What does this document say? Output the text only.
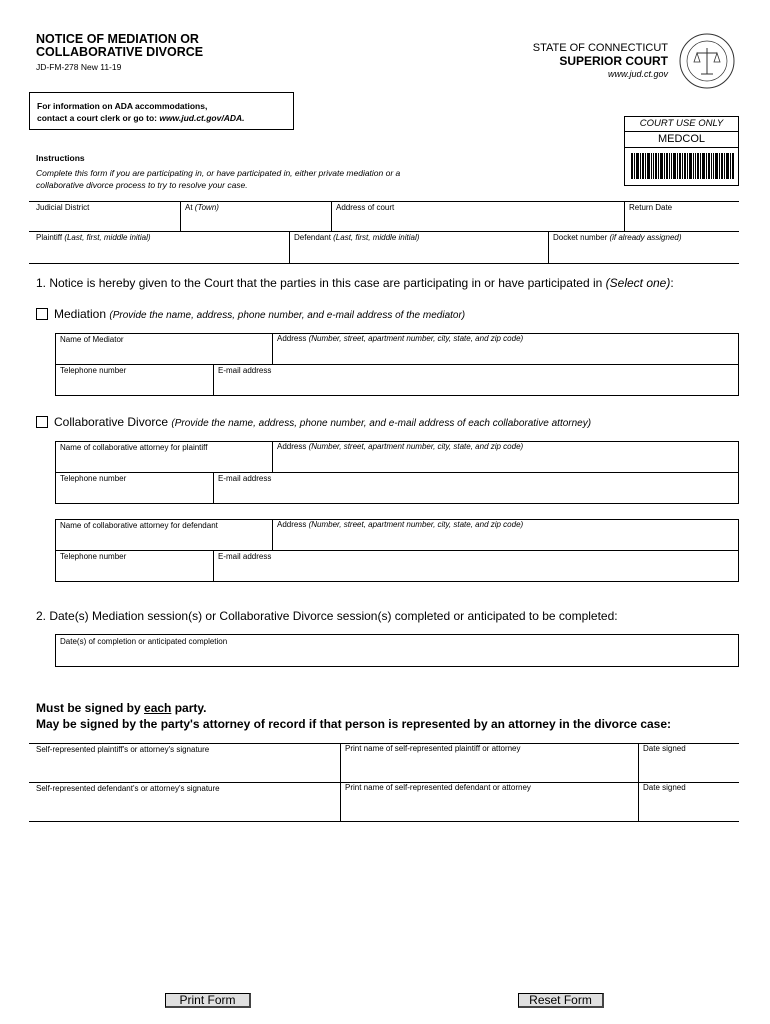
NOTICE OF MEDIATION OR
COLLABORATIVE DIVORCE
JD-FM-278 New 11-19
STATE OF CONNECTICUT
SUPERIOR COURT
www.jud.ct.gov
For information on ADA accommodations,
contact a court clerk or go to: www.jud.ct.gov/ADA.	COURT USE ONLY
MEDCOL
Instructions
Complete this form if you are participating in, or have participated in, either private mediation or a collaborative divorce process to try to resolve your case.
Judicial District	At (Town)	Address of court	Return Date
Plaintiff (Last, first, middle initial)	Defendant (Last, first, middle initial)	Docket number (if already assigned)
1. Notice is hereby given to the Court that the parties in this case are participating in or have participated in (Select one):
Mediation (Provide the name, address, phone number, and e-mail address of the mediator)
Name of Mediator	Address (Number, street, apartment number, city, state, and zip code)
Telephone number	E-mail address
Collaborative Divorce (Provide the name, address, phone number, and e-mail address of each collaborative attorney)
Name of collaborative attorney for plaintiff	Address (Number, street, apartment number, city, state, and zip code)
Telephone number	E-mail address
Name of collaborative attorney for defendant	Address (Number, street, apartment number, city, state, and zip code)
Telephone number	E-mail address
2. Date(s) Mediation session(s) or Collaborative Divorce session(s) completed or anticipated to be completed:
Date(s) of completion or anticipated completion
Must be signed by each party.
May be signed by the party's attorney of record if that person is represented by an attorney in the divorce case:
Self-represented plaintiff's or attorney's signature	Print name of self-represented plaintiff or attorney	Date signed
Self-represented defendant's or attorney's signature	Print name of self-represented defendant or attorney	Date signed
Print Form	Reset Form
